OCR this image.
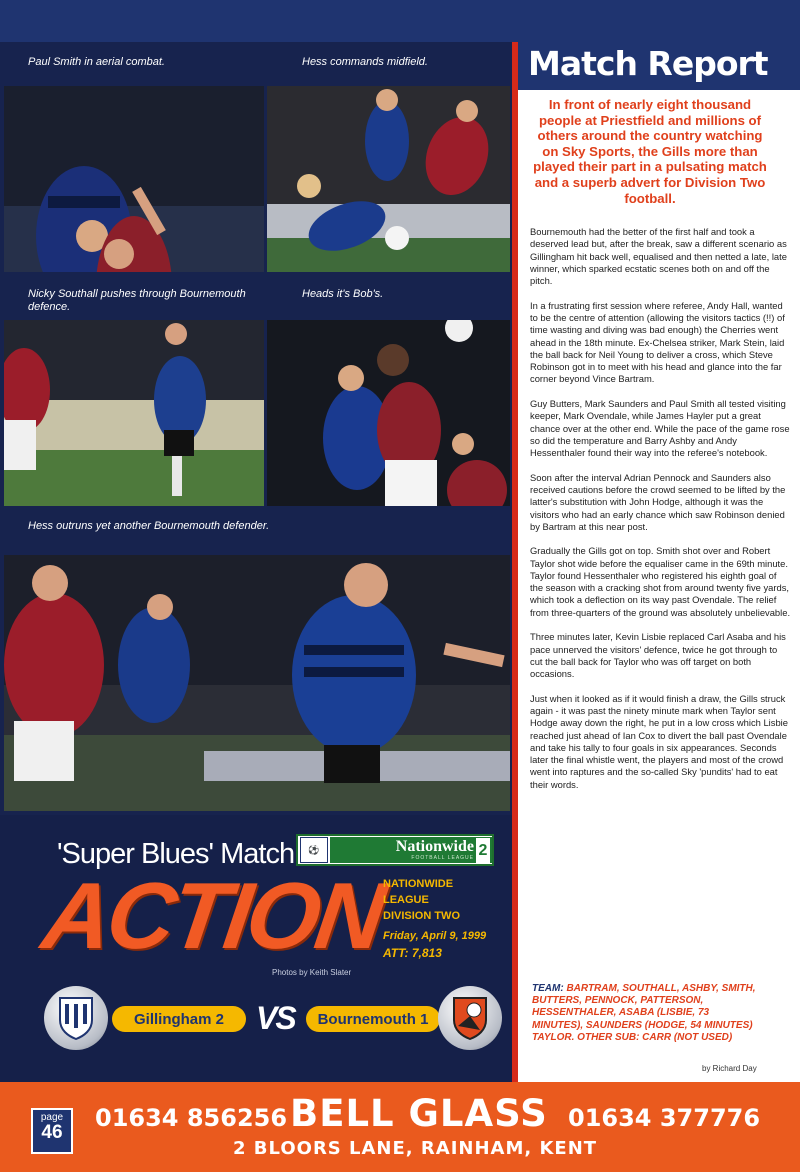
Paul Smith in aerial combat.	Hess commands midfield.
Nicky Southall pushes through Bournemouth defence.
Heads it's Bob's.
Hess outruns yet another Bournemouth defender.
'Super Blues' Match	⚽	Nationwide
FOOTBALL LEAGUE 2
ACTION
NATIONWIDE
LEAGUE
DIVISION TWO
Friday, April 9, 1999
ATT: 7,813
Photos by Keith Slater
Gillingham 2	VS	Bournemouth 1
Match Report
In front of nearly eight thousand people at Priestfield and millions of others around the country watching on Sky Sports, the Gills more than played their part in a pulsating match and a superb advert for Division Two football.

Bournemouth had the better of the first half and took a deserved lead but, after the break, saw a different scenario as Gillingham hit back well, equalised and then netted a late, late winner, which sparked ecstatic scenes both on and off the pitch.

In a frustrating first session where referee, Andy Hall, wanted to be the centre of attention (allowing the visitors tactics (!!) of time wasting and diving was bad enough) the Cherries went ahead in the 18th minute. Ex-Chelsea striker, Mark Stein, laid the ball back for Neil Young to deliver a cross, which Steve Robinson got in to meet with his head and glance into the far corner beyond Vince Bartram.

Guy Butters, Mark Saunders and Paul Smith all tested visiting keeper, Mark Ovendale, while James Hayler put a great chance over at the other end. While the pace of the game rose so did the temperature and Barry Ashby and Andy Hessenthaler found their way into the referee's notebook.

Soon after the interval Adrian Pennock and Saunders also received cautions before the crowd seemed to be lifted by the latter's substitution with John Hodge, although it was the visitors who had an early chance which saw Robinson denied by Bartram at this near post.

Gradually the Gills got on top. Smith shot over and Robert Taylor shot wide before the equaliser came in the 69th minute. Taylor found Hessenthaler who registered his eighth goal of the season with a cracking shot from around twenty five yards, which took a deflection on its way past Ovendale. The relief from three-quarters of the ground was absolutely unbelievable.

Three minutes later, Kevin Lisbie replaced Carl Asaba and his pace unnerved the visitors' defence, twice he got through to cut the ball back for Taylor who was off target on both occasions.

Just when it looked as if it would finish a draw, the Gills struck again - it was past the ninety minute mark when Taylor sent Hodge away down the right, he put in a low cross which Lisbie reached just ahead of Ian Cox to divert the ball past Ovendale and take his tally to four goals in six appearances. Seconds later the final whistle went, the players and most of the crowd went into raptures and the so-called Sky 'pundits' had to eat their words.

TEAM: BARTRAM, SOUTHALL, ASHBY, SMITH, BUTTERS, PENNOCK, PATTERSON, HESSENTHALER, ASABA (LISBIE, 73 MINUTES), SAUNDERS (HODGE, 54 MINUTES) TAYLOR. OTHER SUB: CARR (NOT USED)
by Richard Day
page
46
01634 856256 BELL GLASS 01634 377776
2 BLOORS LANE, RAINHAM, KENT
